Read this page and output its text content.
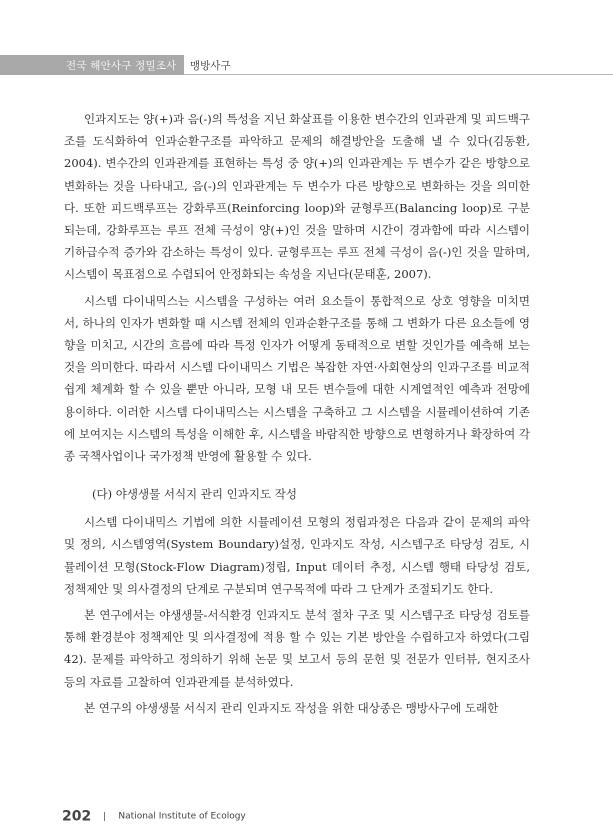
전국 해안사구 정밀조사 맹방사구

인과지도는 양(+)과 음(-)의 특성을 지닌 화살표를 이용한 변수간의 인과관계 및 피드백구조를 도식화하여 인과순환구조를 파악하고 문제의 해결방안을 도출해 낼 수 있다(김동환, 2004). 변수간의 인과관계를 표현하는 특성 중 양(+)의 인과관계는 두 변수가 같은 방향으로 변화하는 것을 나타내고, 음(-)의 인과관계는 두 변수가 다른 방향으로 변화하는 것을 의미한다. 또한 피드백루프는 강화루프(Reinforcing loop)와 균형루프(Balancing loop)로 구분되는데, 강화루프는 루프 전체 극성이 양(+)인 것을 말하며 시간이 경과함에 따라 시스템이 기하급수적 증가와 감소하는 특성이 있다. 균형루프는 루프 전체 극성이 음(-)인 것을 말하며, 시스템이 목표점으로 수렴되어 안정화되는 속성을 지닌다(문태훈, 2007).

시스템 다이내믹스는 시스템을 구성하는 여러 요소들이 통합적으로 상호 영향을 미치면서, 하나의 인자가 변화할 때 시스템 전체의 인과순환구조를 통해 그 변화가 다른 요소들에 영향을 미치고, 시간의 흐름에 따라 특정 인자가 어떻게 동태적으로 변할 것인가를 예측해 보는 것을 의미한다. 따라서 시스템 다이내믹스 기법은 복잡한 자연·사회현상의 인과구조를 비교적 쉽게 체계화 할 수 있을 뿐만 아니라, 모형 내 모든 변수들에 대한 시계열적인 예측과 전망에 용이하다. 이러한 시스템 다이내믹스는 시스템을 구축하고 그 시스템을 시뮬레이션하여 기존에 보여지는 시스템의 특성을 이해한 후, 시스템을 바람직한 방향으로 변형하거나 확장하여 각종 국책사업이나 국가정책 반영에 활용할 수 있다.

(다) 야생생물 서식지 관리 인과지도 작성

시스템 다이내믹스 기법에 의한 시뮬레이션 모형의 정립과정은 다음과 같이 문제의 파악 및 정의, 시스템영역(System Boundary)설정, 인과지도 작성, 시스템구조 타당성 검토, 시뮬레이션 모형(Stock-Flow Diagram)정립, Input 데이터 추정, 시스템 행태 타당성 검토, 정책제안 및 의사결정의 단계로 구분되며 연구목적에 따라 그 단계가 조절되기도 한다.

본 연구에서는 야생생물-서식환경 인과지도 분석 절차 구조 및 시스템구조 타당성 검토를 통해 환경분야 정책제안 및 의사결정에 적용 할 수 있는 기본 방안을 수립하고자 하였다(그림 42). 문제를 파악하고 정의하기 위해 논문 및 보고서 등의 문헌 및 전문가 인터뷰, 현지조사 등의 자료를 고찰하여 인과관계를 분석하였다.

본 연구의 야생생물 서식지 관리 인과지도 작성을 위한 대상종은 맹방사구에 도래한

202	National Institute of Ecology
